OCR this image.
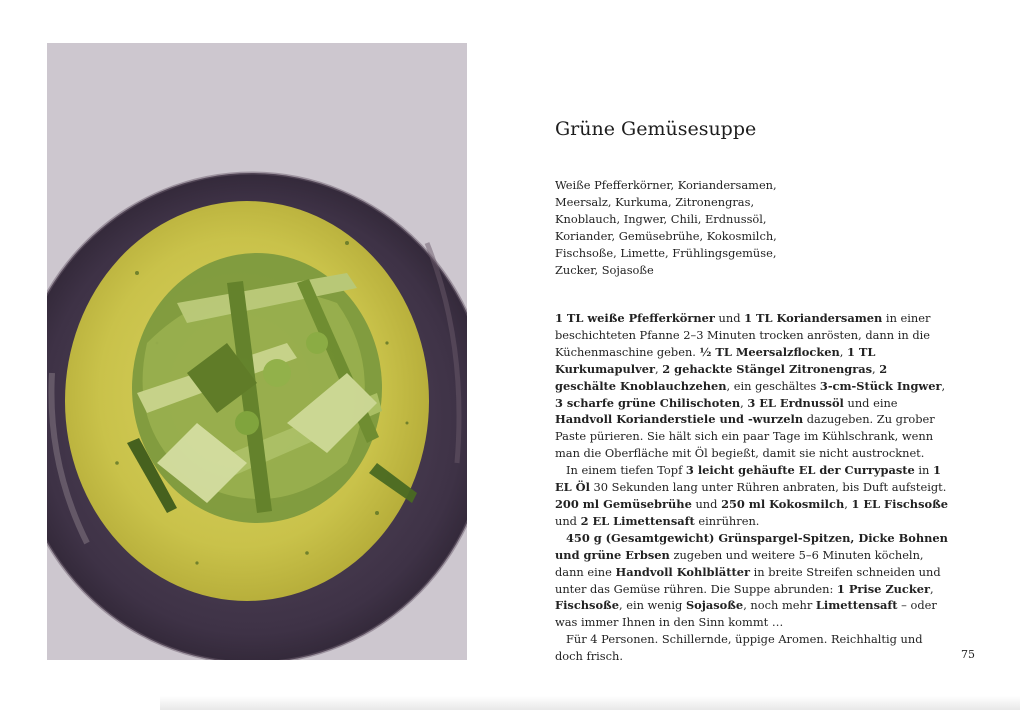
Grüne Gemüsesuppe
Weiße Pfefferkörner, Koriandersamen,
Meersalz, Kurkuma, Zitronengras,
Knoblauch, Ingwer, Chili, Erdnussöl,
Koriander, Gemüsebrühe, Kokosmilch,
Fischsoße, Limette, Frühlingsgemüse,
Zucker, Sojasoße

1 TL weiße Pfefferkörner und 1 TL Koriandersamen in einer beschichteten Pfanne 2–3 Minuten trocken anrösten, dann in die Küchenmaschine geben. ½ TL Meersalzflocken, 1 TL Kurkumapulver, 2 gehackte Stängel Zitronengras, 2 geschälte Knoblauchzehen, ein geschältes 3-cm-Stück Ingwer, 3 scharfe grüne Chilischoten, 3 EL Erdnussöl und eine Handvoll Korianderstiele und -wurzeln dazugeben. Zu grober Paste pürieren. Sie hält sich ein paar Tage im Kühlschrank, wenn man die Oberfläche mit Öl begießt, damit sie nicht austrocknet.

In einem tiefen Topf 3 leicht gehäufte EL der Currypaste in 1 EL Öl 30 Sekunden lang unter Rühren anbraten, bis Duft aufsteigt. 200 ml Gemüsebrühe und 250 ml Kokosmilch, 1 EL Fischsoße und 2 EL Limettensaft einrühren.

450 g (Gesamtgewicht) Grünspargel-Spitzen, Dicke Bohnen und grüne Erbsen zugeben und weitere 5–6 Minuten köcheln, dann eine Handvoll Kohlblätter in breite Streifen schneiden und unter das Gemüse rühren. Die Suppe abrunden: 1 Prise Zucker, Fischsoße, ein wenig Sojasoße, noch mehr Limettensaft – oder was immer Ihnen in den Sinn kommt …

Für 4 Personen. Schillernde, üppige Aromen. Reichhaltig und doch frisch.	75
